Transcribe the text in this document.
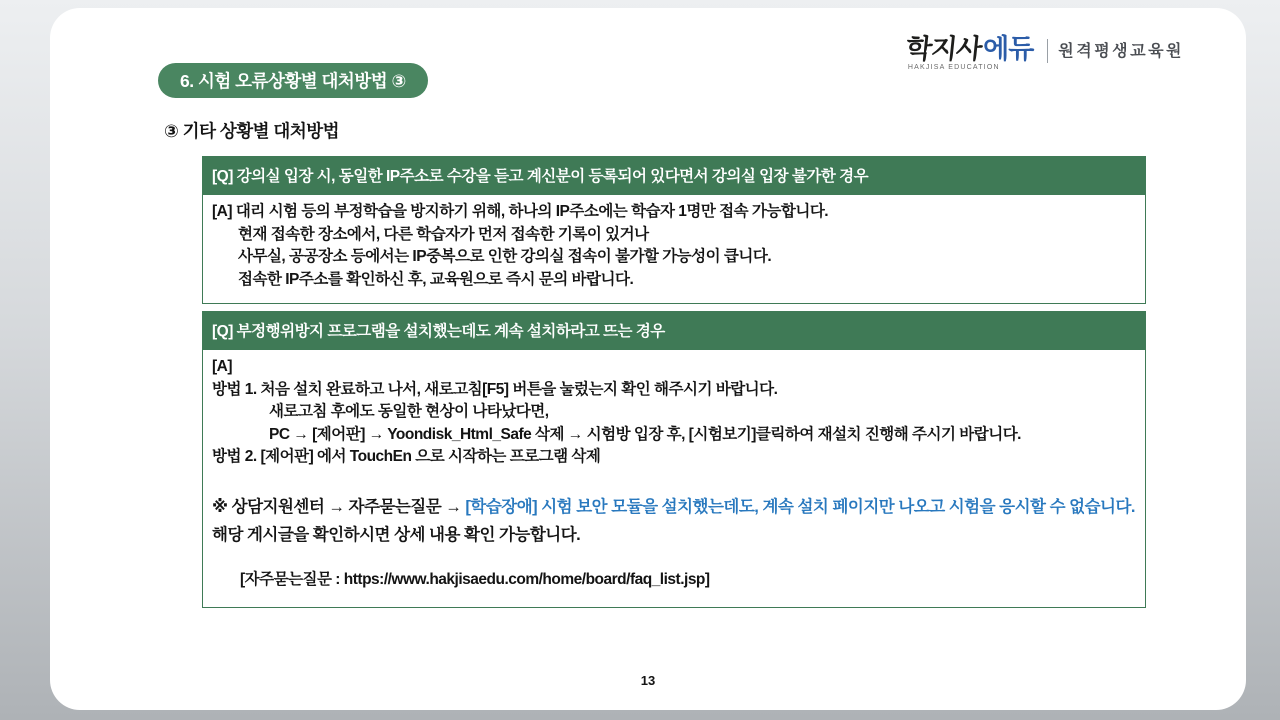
학지사 에듀
HAKJISA EDUCATION
원격평생교육원
6. 시험 오류상황별 대처방법 ③
③ 기타 상황별 대처방법
[Q] 강의실 입장 시, 동일한 IP주소로 수강을 듣고 계신분이 등록되어 있다면서 강의실 입장 불가한 경우
[A] 대리 시험 등의 부정학습을 방지하기 위해, 하나의 IP주소에는 학습자 1명만 접속 가능합니다.
현재 접속한 장소에서, 다른 학습자가 먼저 접속한 기록이 있거나
사무실, 공공장소 등에서는 IP중복으로 인한 강의실 접속이 불가할 가능성이 큽니다.
접속한 IP주소를 확인하신 후, 교육원으로 즉시 문의 바랍니다.
[Q] 부정행위방지 프로그램을 설치했는데도 계속 설치하라고 뜨는 경우
[A]
방법 1. 처음 설치 완료하고 나서, 새로고침[F5] 버튼을 눌렀는지 확인 해주시기 바랍니다.
새로고침 후에도 동일한 현상이 나타났다면,
PC → [제어판] → Yoondisk_Html_Safe 삭제 → 시험방 입장 후, [시험보기]클릭하여 재설치 진행해 주시기 바랍니다.
방법 2. [제어판] 에서 TouchEn 으로 시작하는 프로그램 삭제
※ 상담지원센터 → 자주묻는질문 → [학습장애] 시험 보안 모듈을 설치했는데도, 계속 설치 페이지만 나오고 시험을 응시할 수 없습니다. 해당 게시글을 확인하시면 상세 내용 확인 가능합니다.
[자주묻는질문 : https://www.hakjisaedu.com/home/board/faq_list.jsp]
13
